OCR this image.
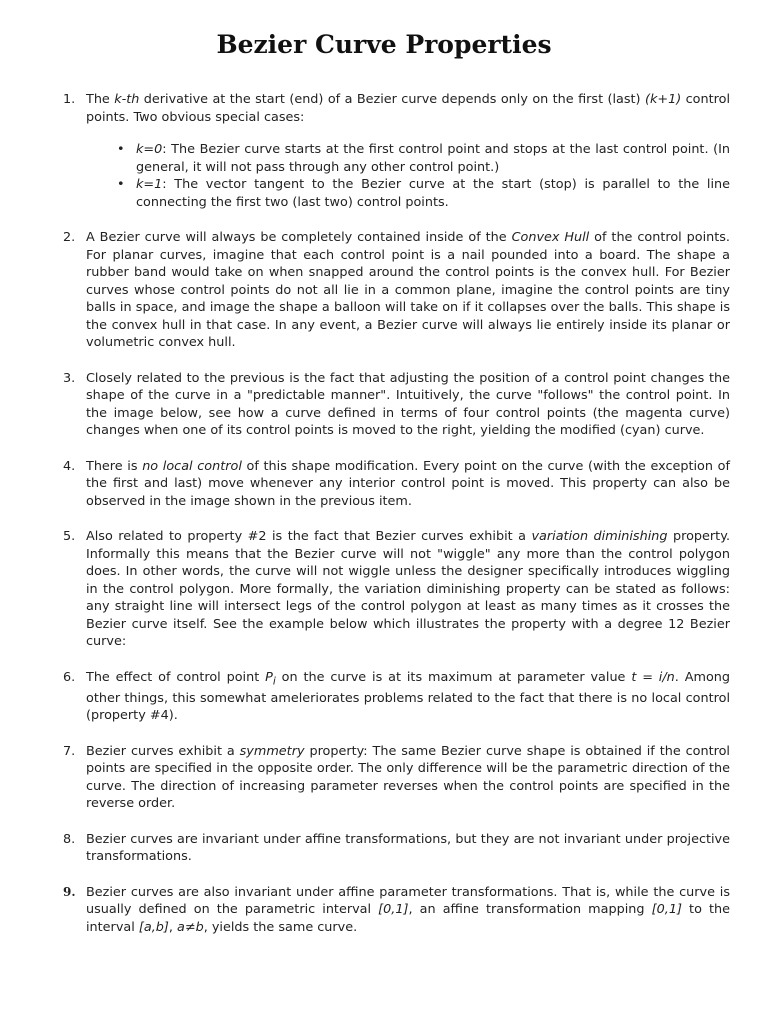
Bezier Curve Properties
1. The k-th derivative at the start (end) of a Bezier curve depends only on the first (last) (k+1) control points. Two obvious special cases:
• k=0: The Bezier curve starts at the first control point and stops at the last control point. (In general, it will not pass through any other control point.)
• k=1: The vector tangent to the Bezier curve at the start (stop) is parallel to the line connecting the first two (last two) control points.
2. A Bezier curve will always be completely contained inside of the Convex Hull of the control points. For planar curves, imagine that each control point is a nail pounded into a board. The shape a rubber band would take on when snapped around the control points is the convex hull. For Bezier curves whose control points do not all lie in a common plane, imagine the control points are tiny balls in space, and image the shape a balloon will take on if it collapses over the balls. This shape is the convex hull in that case. In any event, a Bezier curve will always lie entirely inside its planar or volumetric convex hull.
3. Closely related to the previous is the fact that adjusting the position of a control point changes the shape of the curve in a "predictable manner". Intuitively, the curve "follows" the control point. In the image below, see how a curve defined in terms of four control points (the magenta curve) changes when one of its control points is moved to the right, yielding the modified (cyan) curve.
4. There is no local control of this shape modification. Every point on the curve (with the exception of the first and last) move whenever any interior control point is moved. This property can also be observed in the image shown in the previous item.
5. Also related to property #2 is the fact that Bezier curves exhibit a variation diminishing property. Informally this means that the Bezier curve will not "wiggle" any more than the control polygon does. In other words, the curve will not wiggle unless the designer specifically introduces wiggling in the control polygon. More formally, the variation diminishing property can be stated as follows: any straight line will intersect legs of the control polygon at least as many times as it crosses the Bezier curve itself. See the example below which illustrates the property with a degree 12 Bezier curve:
6. The effect of control point $P_i$ on the curve is at its maximum at parameter value t = i/n. Among other things, this somewhat ameleriorates problems related to the fact that there is no local control (property #4).
7. Bezier curves exhibit a symmetry property: The same Bezier curve shape is obtained if the control points are specified in the opposite order. The only difference will be the parametric direction of the curve. The direction of increasing parameter reverses when the control points are specified in the reverse order.
8. Bezier curves are invariant under affine transformations, but they are not invariant under projective transformations.
9. Bezier curves are also invariant under affine parameter transformations. That is, while the curve is usually defined on the parametric interval [0,1], an affine transformation mapping [0,1] to the interval [a,b], a≠b, yields the same curve.
